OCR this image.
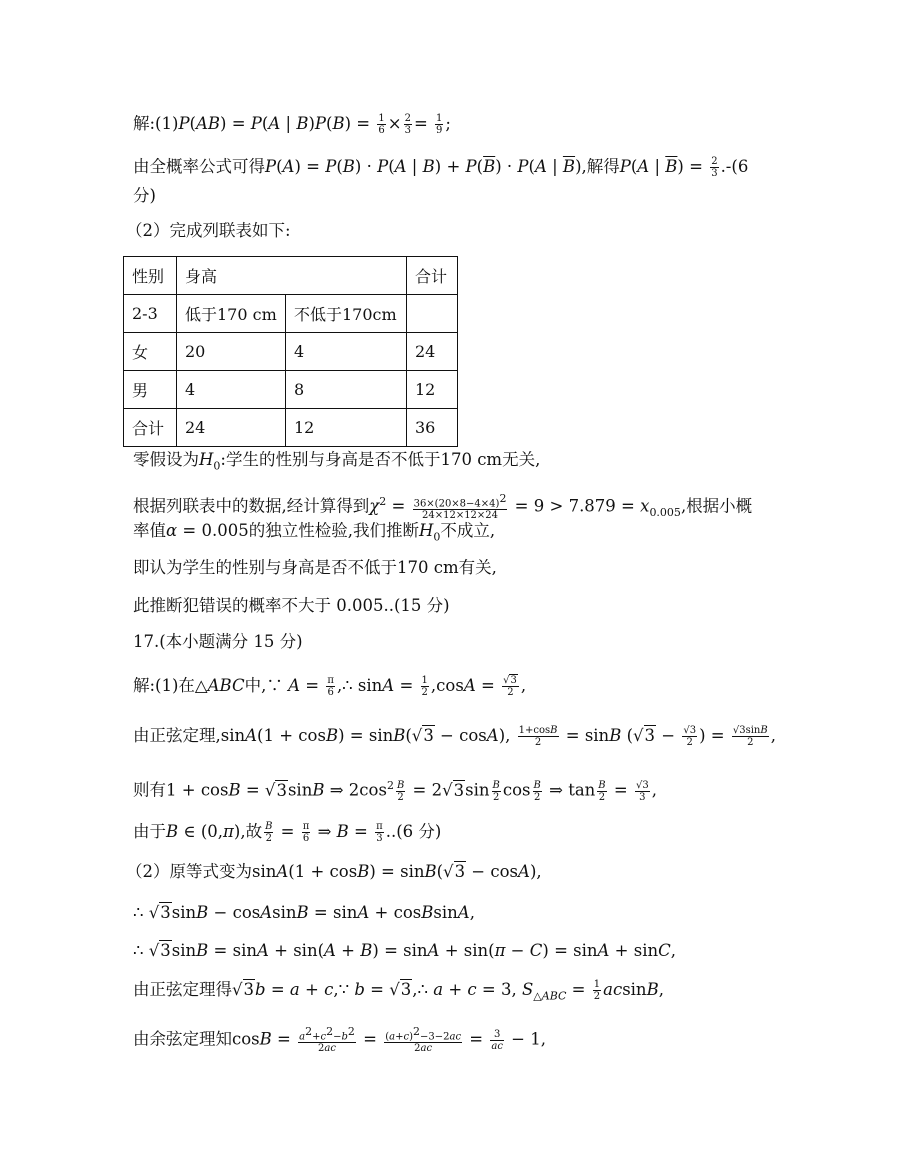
解:(1)P(AB) = P(A | $B)P(B) = \frac{1}{6} \times \frac{2}{3} = \frac{1}{9}$ ;
由全概率公式可得P(A) = P(B) · P(A | $B) + P(\overline{B}) \cdot P(A$ | $\overline{B}$),解得P(A | $\overline{B}) = \frac{2}{3} .-(6$
分)
（2）完成列联表如下:
性别	身高		合计
2-3	低于170 cm	不低于170cm	
女	20	4	24
男	4	8	12
合计	24	12	36
零假设为$H_0$:学生的性别与身高是否不低于170 cm无关,
根据列联表中的数据,经计算得到$\chi^2 = \frac{36\times(20\times 8-4\times 4)^2}{24\times 12\times 12\times 24} = 9 > 7.879 = x_{0.005}$,根据小概
率值α = 0.005的独立性检验,我们推断$H_0$不成立,
即认为学生的性别与身高是否不低于170 cm有关,
此推断犯错误的概率不大于 0.005..(15 分)
17.(本小题满分 15 分)
解:(1)在△ABC中,∵ $A = \frac{\pi}{6}$ ,∴ $\sin A = \frac{1}{2} ,\cos A = \frac{√3}{2}$ ,
由正弦定理,sinA(1 + cosB) = sinB(√3 − cosA), $\frac{1+\cos B}{2} = \sin B$ ($√3 - \frac{√3}{2}$ ) = $\frac{√3\sin B}{2}$ ,
则有1 + cosB = √3sinB ⇒ $2\cos^2 \frac{B}{2} = 2√3\sin \frac{B}{2}$ $\cos \frac{B}{2}$ ⇒ $\tan \frac{B}{2} = \frac{√3}{3}$ ,
由于B ∈ (0,π),故 $\frac{B}{2} = \frac{\pi}{6}$ ⇒ $B = \frac{\pi}{3} ..(6$ 分)
（2）原等式变为sinA(1 + cosB) = sinB(√3 − cosA),
∴ √3sinB − cosAsinB = sinA + cosBsinA,
∴ √3sinB = sinA + sin(A + B) = sinA + sin(π − C) = sinA + sinC,
由正弦定理得√3b = a + c,∵ b = √3,∴ a + c = 3, $S_{\triangle ABC} = \frac{1}{2} acsinB$,
由余弦定理知$\cos B = \frac{a^2+c^2-b^2}{2ac} = \frac{(a+c)^2-3-2ac}{2ac} = \frac{3}{ac} - 1$,
